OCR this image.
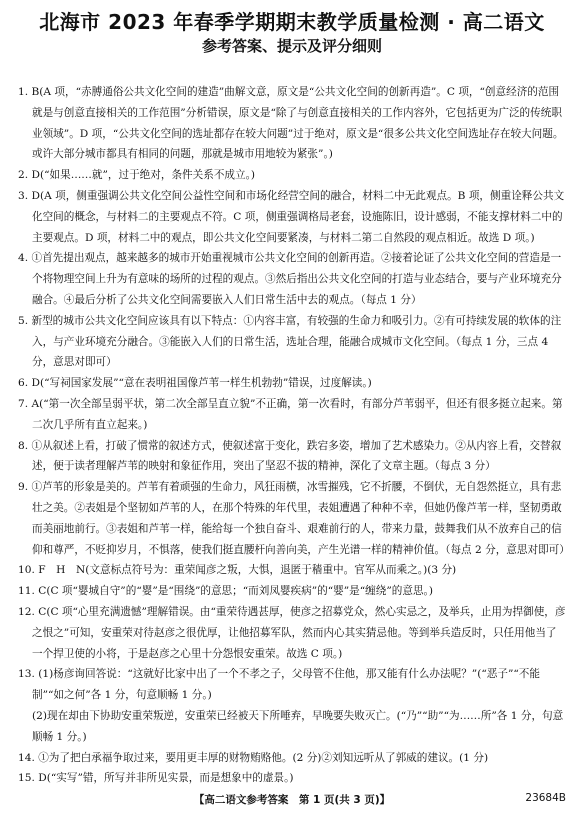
北海市 2023 年春季学期期末教学质量检测 · 高二语文
参考答案、提示及评分细则

1. B(A 项，“赤膊通俗公共文化空间的建造”曲解文意，原文是“公共文化空间的创新再造”。C 项，“创意经济的范围就是与创意直接相关的工作范围”分析错误，原文是“除了与创意直接相关的工作内容外，它包括更为广泛的传统职业领域”。D 项，“公共文化空间的选址都存在较大问题”过于绝对，原文是“很多公共文化空间选址存在较大问题。或许大部分城市都具有相同的问题，那就是城市用地较为紧张”。)

2. D(“如果……就”，过于绝对，条件关系不成立。)

3. D(A 项，侧重强调公共文化空间公益性空间和市场化经营空间的融合，材料二中无此观点。B 项，侧重诠释公共文化空间的概念，与材料二的主要观点不符。C 项，侧重强调格局老套，设施陈旧，设计感弱，不能支撑材料二中的主要观点。D 项，材料二中的观点，即公共文化空间要紧凑，与材料二第二自然段的观点相近。故选 D 项。)

4. ①首先提出观点，越来越多的城市开始重视城市公共文化空间的创新再造。②接着论证了公共文化空间的营造是一个将物理空间上升为有意味的场所的过程的观点。③然后指出公共文化空间的打造与业态结合，要与产业环境充分融合。④最后分析了公共文化空间需要嵌入人们日常生活中去的观点。（每点 1 分）

5. 新型的城市公共文化空间应该具有以下特点：①内容丰富，有较强的生命力和吸引力。②有可持续发展的软体的注入，与产业环境充分融合。③能嵌入人们的日常生活，选址合理，能融合成城市文化空间。（每点 1 分，三点 4 分，意思对即可）

6. D(“写祠国家发展”“意在表明祖国像芦苇一样生机勃勃”错误，过度解读。)

7. A(“第一次全部呈弱平状，第二次全部呈直立貌”不正确，第一次看时，有部分芦苇弱平，但还有很多挺立起来。第二次几乎所有直立起来。)

8. ①从叙述上看，打破了惯常的叙述方式，使叙述富于变化，跌宕多姿，增加了艺术感染力。②从内容上看，交替叙述，便于读者理解芦苇的映射和象征作用，突出了坚忍不拔的精神，深化了文章主题。（每点 3 分）

9. ①芦苇的形象是美的。芦苇有着顽强的生命力，风狂雨横，冰雪摧残，它不折腰，不倒伏，无自怨然挺立，具有悲壮之美。②表姐是个坚韧如芦苇的人，在那个特殊的年代里，表姐遭遇了种种不幸，但她仍像芦苇一样，坚韧勇敢而美丽地前行。③表姐和芦苇一样，能给每一个独自奋斗、艰难前行的人，带来力量，鼓舞我们从不放弃自己的信仰和尊严，不贬抑岁月，不惧落，使我们挺直腰杆向善向美，产生光谱一样的精神价值。（每点 2 分，意思对即可）

10. F　H　N(文意标点符号为：重荣闻彦之叛，大惧，退匿于穑重中。官军从而乘之。)(3 分)

11. C(C 项“婴城自守”的“婴”是“围绕”的意思；“而刘凤婴疾病”的“婴”是“缠绕”的意思。)

12. C(C 项“心里充满遗憾”理解错误。由“重荣待遇甚厚，使彦之招募党众，然心实忌之，及举兵，止用为捍御使，彦之恨之”可知，安重荣对待赵彦之很优厚，让他招募军队，然而内心其实猜忌他。等到举兵造反时，只任用他当了一个捍卫使的小将，于是赵彦之心里十分怨恨安重荣。故选 C 项。)

13. (1)杨彦询回答说：“这就好比家中出了一个不孝之子，父母管不住他，那又能有什么办法呢？”(“恶子”“不能制”“如之何”各 1 分，句意顺畅 1 分。)

(2)现在却由下协助安重荣叛逆，安重荣已经被天下所唾弃，早晚要失败灭亡。(“乃”“助”“为……所”各 1 分，句意顺畅 1 分。)

14. ①为了把白承福争取过来，要用更丰厚的财物贿赂他。(2 分)②刘知远听从了郭威的建议。(1 分)

15. D(“实写”错，所写并非所见实景，而是想象中的虚景。)

【高二语文参考答案　第 1 页(共 3 页)】	23684B
